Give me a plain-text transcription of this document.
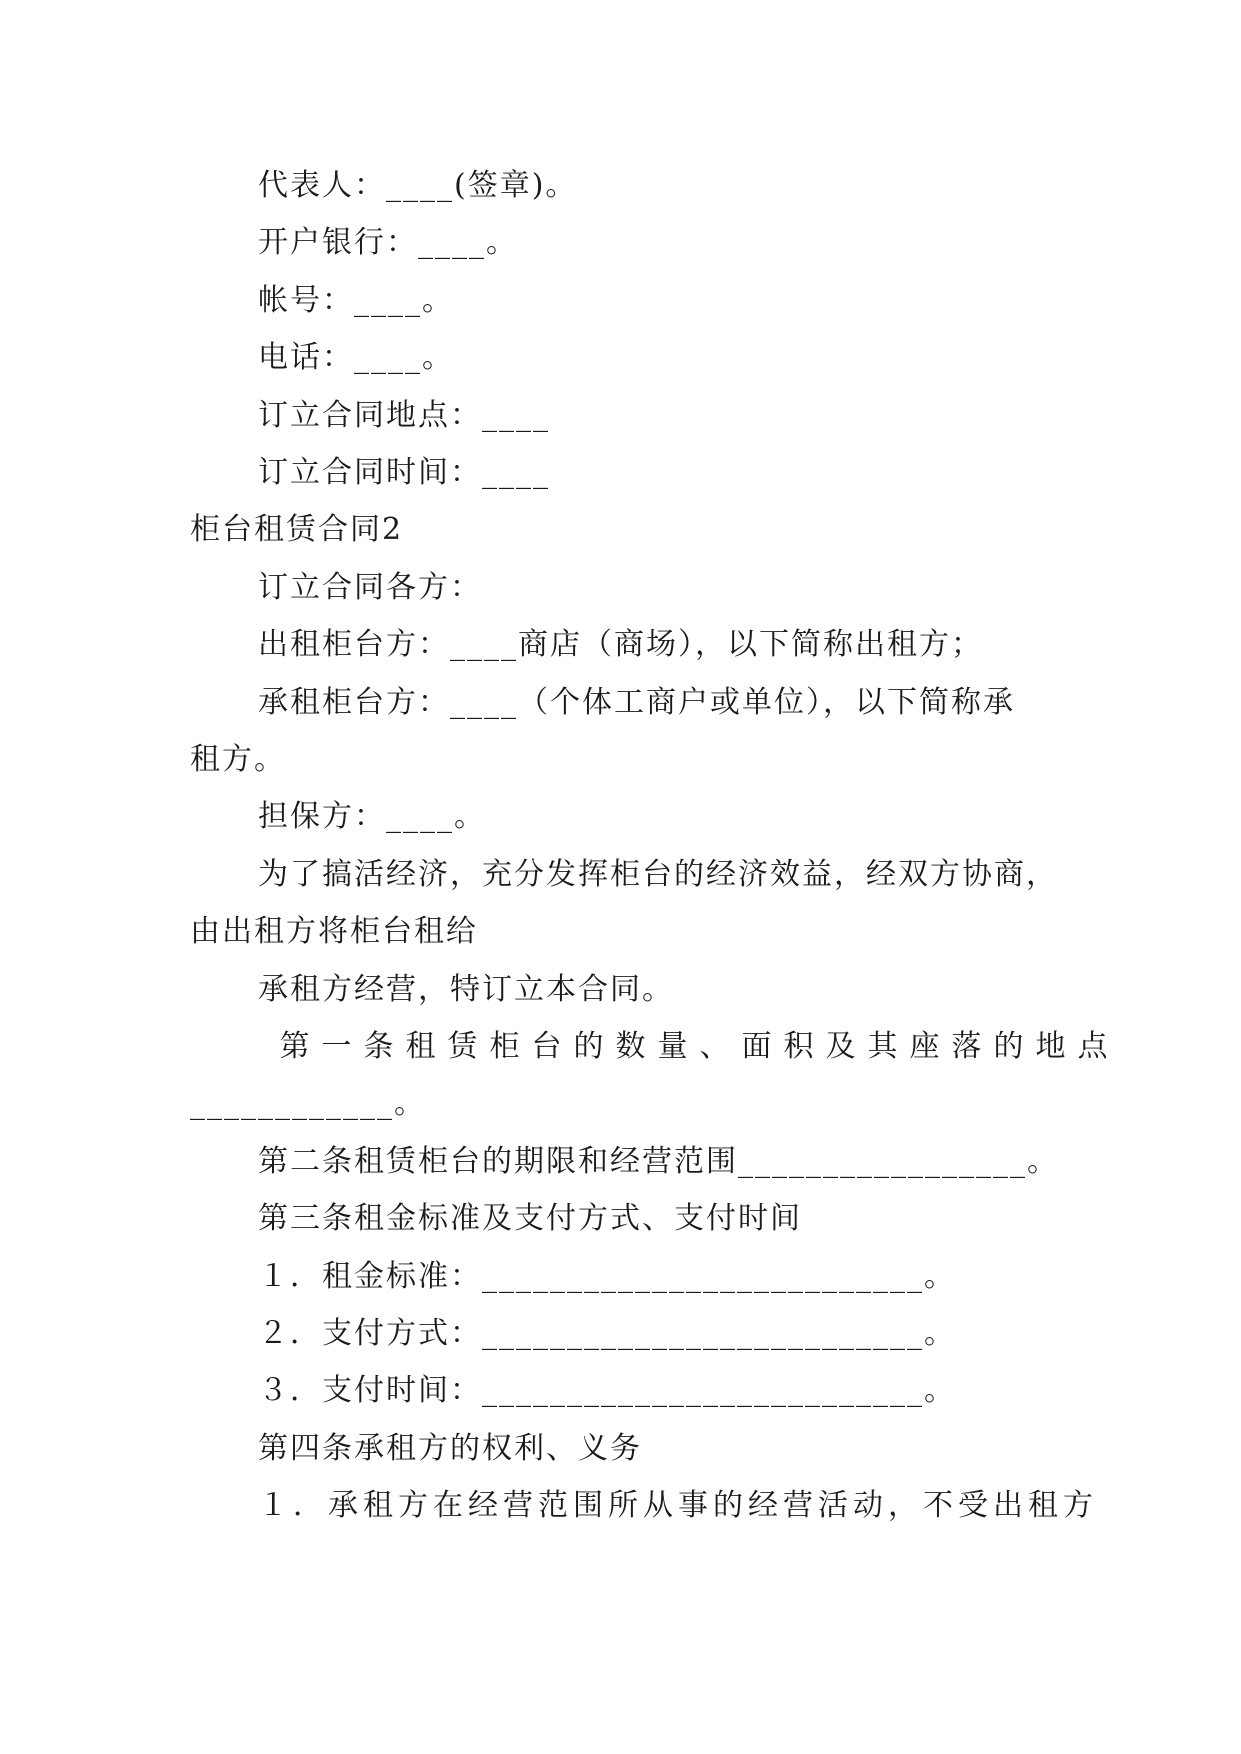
代表人：____(签章)。
开户银行：____。
帐号：____。
电话：____。
订立合同地点：____
订立合同时间：____
柜台租赁合同2
订立合同各方：
出租柜台方：____商店（商场），以下简称出租方；
承租柜台方：____（个体工商户或单位），以下简称承
租方。
担保方：____。
为了搞活经济，充分发挥柜台的经济效益，经双方协商，
由出租方将柜台租给
承租方经营，特订立本合同。
第一条租赁柜台的数量、面积及其座落的地点
____________。
第二条租赁柜台的期限和经营范围_________________。
第三条租金标准及支付方式、支付时间
１．租金标准：__________________________。
２．支付方式：__________________________。
３．支付时间：__________________________。
第四条承租方的权利、义务
１．承租方在经营范围所从事的经营活动，不受出租方
